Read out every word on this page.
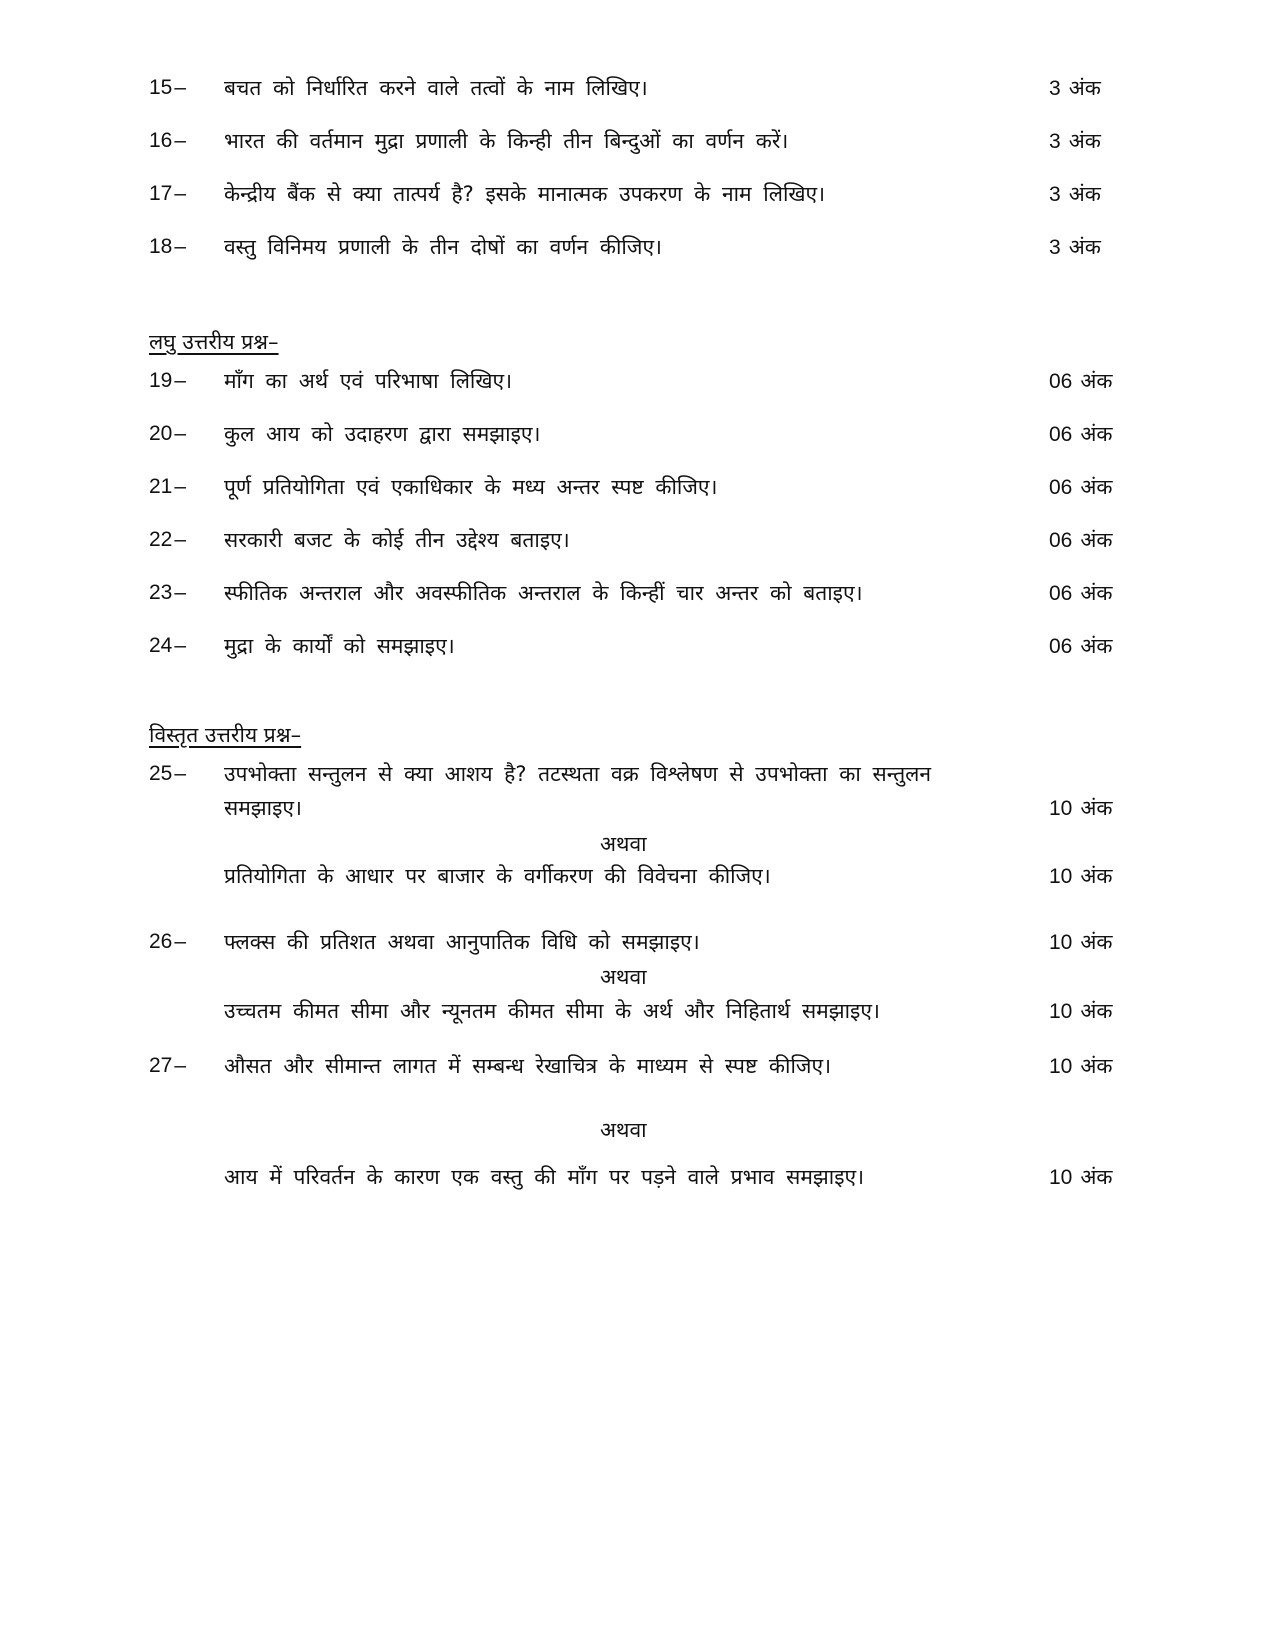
15– बचत को निर्धारित करने वाले तत्वों के नाम लिखिए।	3 अंक
16– भारत की वर्तमान मुद्रा प्रणाली के किन्ही तीन बिन्दुओं का वर्णन करें।	3 अंक
17– केन्द्रीय बैंक से क्या तात्पर्य है? इसके मानात्मक उपकरण के नाम लिखिए।	3 अंक
18– वस्तु विनिमय प्रणाली के तीन दोषों का वर्णन कीजिए।	3 अंक
लघु उत्तरीय प्रश्न–
19– माँग का अर्थ एवं परिभाषा लिखिए।	06 अंक
20– कुल आय को उदाहरण द्वारा समझाइए।	06 अंक
21– पूर्ण प्रतियोगिता एवं एकाधिकार के मध्य अन्तर स्पष्ट कीजिए।	06 अंक
22– सरकारी बजट के कोई तीन उद्देश्य बताइए।	06 अंक
23– स्फीतिक अन्तराल और अवस्फीतिक अन्तराल के किन्हीं चार अन्तर को बताइए।	06 अंक
24– मुद्रा के कार्यों को समझाइए।	06 अंक
विस्तृत उत्तरीय प्रश्न–
25– उपभोक्ता सन्तुलन से क्या आशय है? तटस्थता वक्र विश्लेषण से उपभोक्ता का सन्तुलन
समझाइए।	10 अंक
अथवा
प्रतियोगिता के आधार पर बाजार के वर्गीकरण की विवेचना कीजिए।	10 अंक
26– फ्लक्स की प्रतिशत अथवा आनुपातिक विधि को समझाइए।	10 अंक
अथवा
उच्चतम कीमत सीमा और न्यूनतम कीमत सीमा के अर्थ और निहितार्थ समझाइए।	10 अंक
27– औसत और सीमान्त लागत में सम्बन्ध रेखाचित्र के माध्यम से स्पष्ट कीजिए।	10 अंक
अथवा
आय में परिवर्तन के कारण एक वस्तु की माँग पर पड़ने वाले प्रभाव समझाइए।	10 अंक
